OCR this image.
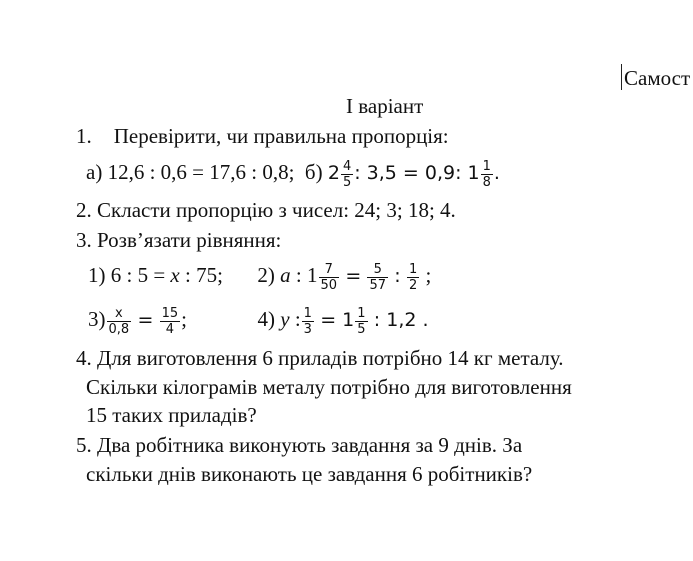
Самост
І варіант
1. Перевірити, чи правильна пропорція:
а) 12,6 : 0,6 = 17,6 : 0,8; б) $2 \frac{4}{5}$ : 3,5 = 0,9: $1 \frac{1}{8}$ .
2. Скласти пропорцію з чисел: 24; 3; 18; 4.
3. Розв’язати рівняння:
1) 6 : 5 = x : 75; 2) a : $1 \frac{7}{50} = \frac{5}{57}$ : $\frac{1}{2}$ ;
$3) \frac{x}{0,8} = \frac{15}{4}$ ;	4) y : $\frac{1}{3} = 1 \frac{1}{5}$ : 1,2 .
4. Для виготовлення 6 приладів потрібно 14 кг металу.
Скільки кілограмів металу потрібно для виготовлення
15 таких приладів?
5. Два робітника виконують завдання за 9 днів. За
скільки днів виконають це завдання 6 робітників?
